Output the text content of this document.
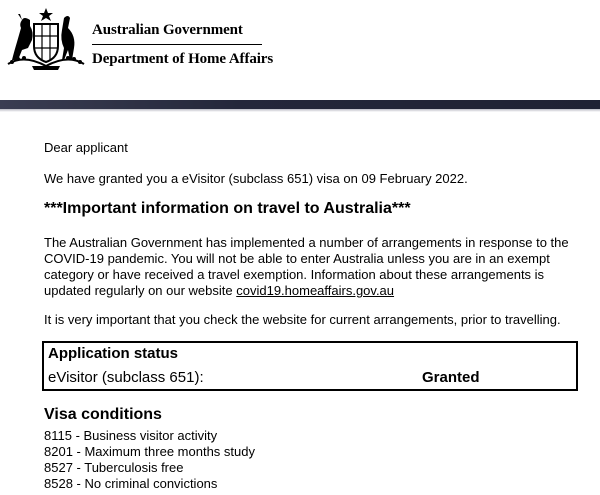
Australian Government
Department of Home Affairs

Dear applicant

We have granted you a eVisitor (subclass 651) visa on 09 February 2022.

***Important information on travel to Australia***

The Australian Government has implemented a number of arrangements in response to the COVID-19 pandemic. You will not be able to enter Australia unless you are in an exempt category or have received a travel exemption. Information about these arrangements is updated regularly on our website covid19.homeaffairs.gov.au

It is very important that you check the website for current arrangements, prior to travelling.

Application status
eVisitor (subclass 651):	Granted
Visa conditions
8115 - Business visitor activity
8201 - Maximum three months study
8527 - Tuberculosis free
8528 - No criminal convictions
